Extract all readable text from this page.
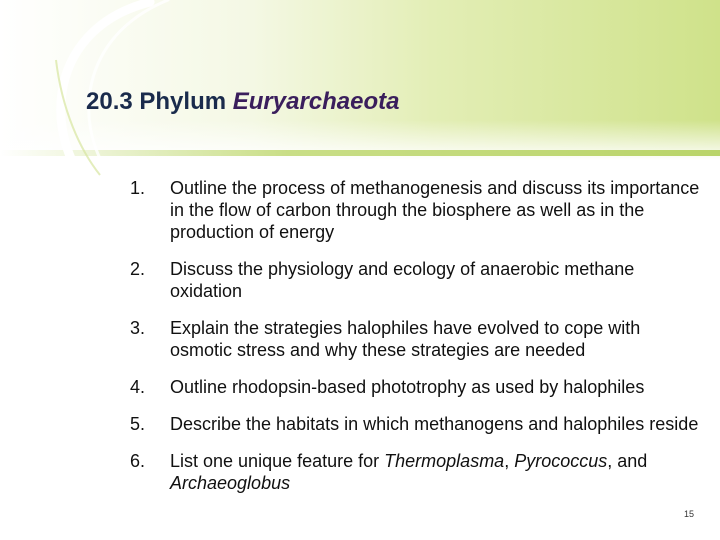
20.3 Phylum Euryarchaeota
1.	Outline the process of methanogenesis and discuss its importance in the flow of carbon through the biosphere as well as in the production of energy
2.	Discuss the physiology and ecology of anaerobic methane oxidation
3.	Explain the strategies halophiles have evolved to cope with osmotic stress and why these strategies are needed
4.	Outline rhodopsin-based phototrophy as used by halophiles
5.	Describe the habitats in which methanogens and halophiles reside
6.	List one unique feature for Thermoplasma, Pyrococcus, and Archaeoglobus
15
